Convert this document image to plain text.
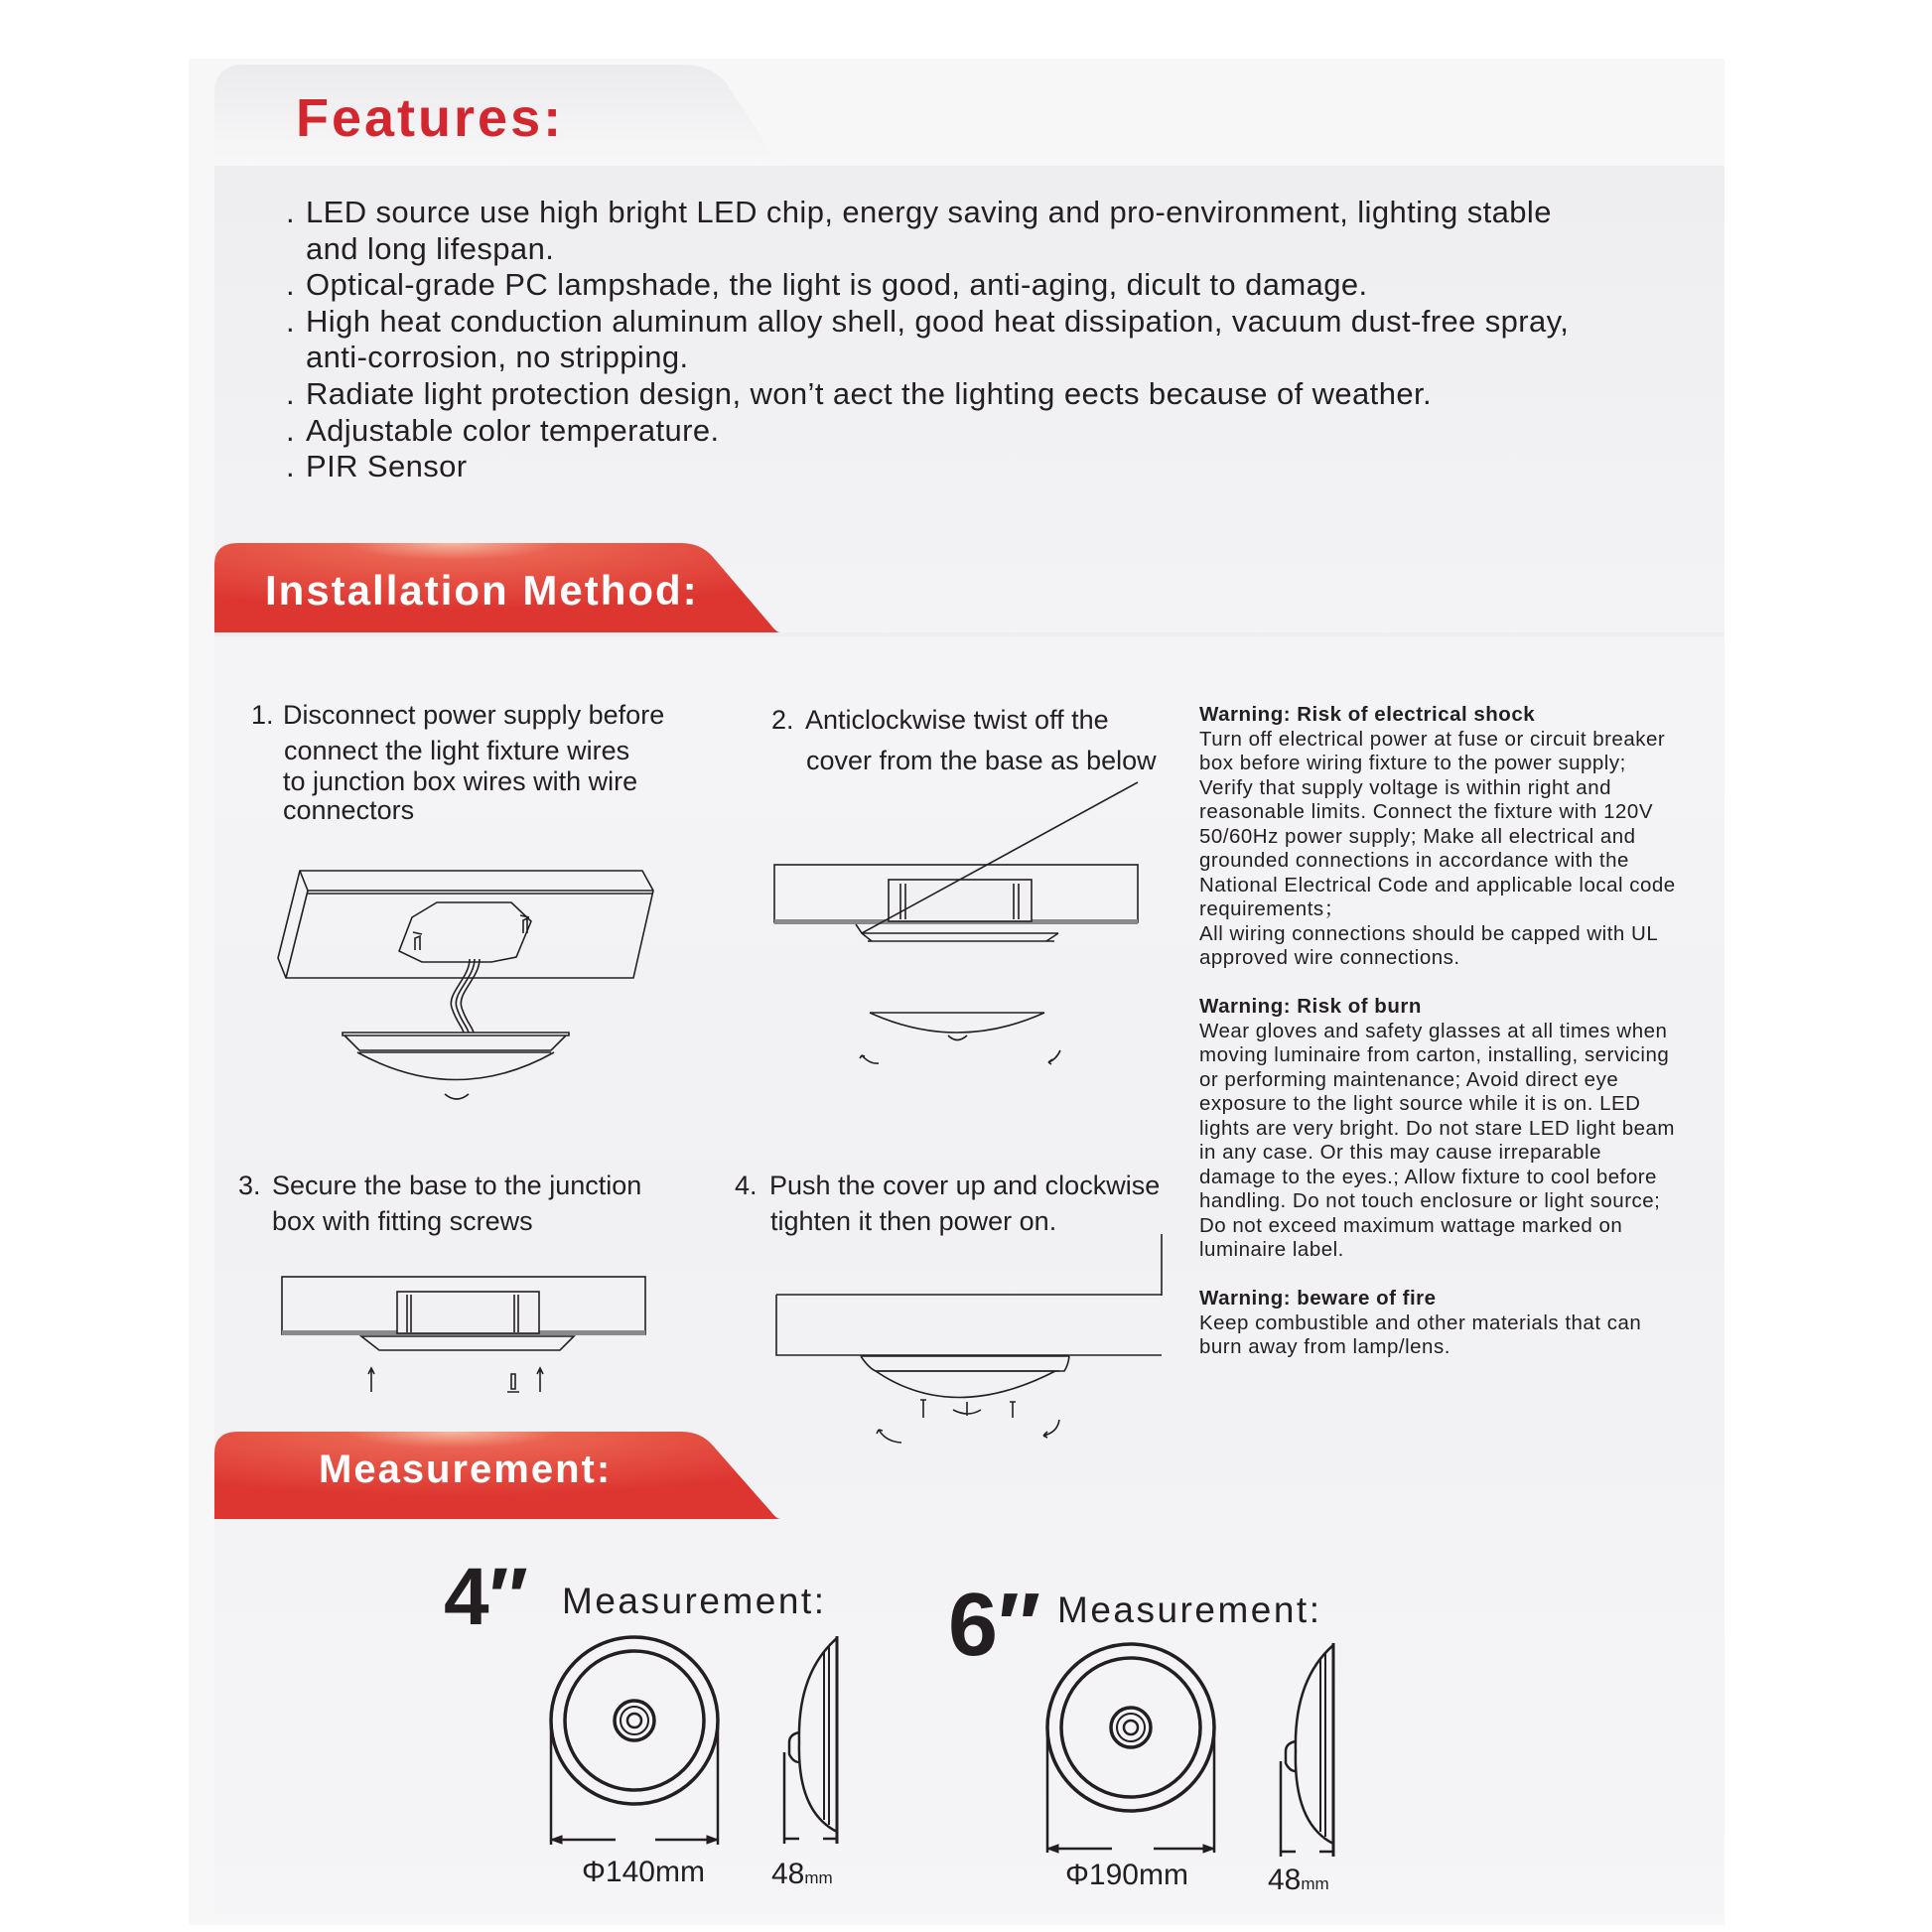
Features:
. LED source use high bright LED chip, energy saving and pro-environment, lighting stable
and long lifespan.
. Optical-grade PC lampshade, the light is good, anti-aging, dicult to damage.
. High heat conduction aluminum alloy shell, good heat dissipation, vacuum dust-free spray,
anti-corrosion, no stripping.
. Radiate light protection design, won’t aect the lighting eects because of weather.
. Adjustable color temperature.
. PIR Sensor
Installation Method:
1. Disconnect power supply before
connect the light fixture wires
to junction box wires with wire
connectors
2. Anticlockwise twist off the
cover from the base as below
3. Secure the base to the junction
box with fitting screws
4. Push the cover up and clockwise
tighten it then power on.
Warning: Risk of electrical shock
Turn off electrical power at fuse or circuit breaker
box before wiring fixture to the power supply;
Verify that supply voltage is within right and
reasonable limits. Connect the fixture with 120V
50/60Hz power supply; Make all electrical and
grounded connections in accordance with the
National Electrical Code and applicable local code
requirements；
All wiring connections should be capped with UL
approved wire connections.
Warning: Risk of burn
Wear gloves and safety glasses at all times when
moving luminaire from carton, installing, servicing
or performing maintenance; Avoid direct eye
exposure to the light source while it is on. LED
lights are very bright. Do not stare LED light beam
in any case. Or this may cause irreparable
damage to the eyes.; Allow fixture to cool before
handling. Do not touch enclosure or light source;
Do not exceed maximum wattage marked on
luminaire label.
Warning: beware of fire
Keep combustible and other materials that can
burn away from lamp/lens.
Measurement:
4″ Measurement:
Φ140mm 48mm
6″ Measurement:
Φ190mm	48mm
